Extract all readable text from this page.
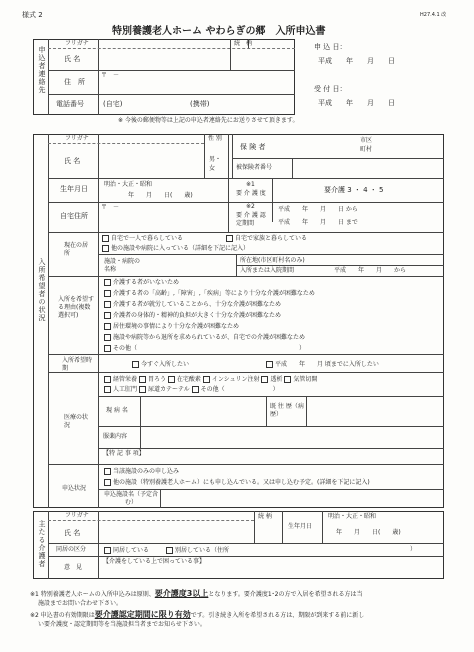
様式 2	H27.4.1 改
特別養護老人ホーム やわらぎの郷　入所申込書
申込者連絡先
フリガナ	続　柄
氏 名
住　所
〒　－
電話番号	(自宅)	(携帯)
申 込 日：
平成　　年　　月　　日
受 付 日：
平成　　年　　月　　日
※ 今後の郵便物等は上記の申込者連絡先にお送りさせて頂きます。
入所希望者の状況
フリガナ	性 別
氏 名	男・女
保 険 者
市区
町村
被保険者番号
生年月日
明治・大正・昭和
年　　月　　日(　　歳)
※1
要 介 護 度	要介護 3 ・ 4 ・ 5
自宅住所
〒　－	※2
要 介 護 認定期間
平成　　年　　月　　日 から
平成　　年　　月　　日 まで
現在の居 所
自宅で一人で暮らしている	自宅で家族と暮らしている
他の施設や病院に入っている（詳細を下記に記入）
施設・病院の名称
所在地(市区町村名のみ)
入所または入院期間	平成　　年　　月　　から
入所を希望する理由(複数選択可)
介護する者がいないため
介護する者の「高齢」,「障害」,「疾病」等により十分な介護が困難なため
介護する者が就労していることから、十分な介護が困難なため
介護者の身体的・精神的負担が大きく十分な介護が困難なため
居住環境の事情により十分な介護が困難なため
施設や病院等から退所を求められているが、自宅での介護が困難なため
その他（　　　　　　　　　　　　　　　　　　　　　　　　　　　）
入所希望時 期
今すぐ入所したい	平成　　年　　月 頃までに入所したい
医療の状 況
経管栄養 胃ろう 在宅酸素 インシュリン注射 透析 気管切開
人工肛門 尿道カテーテル その他（　　　　　　　　）
現 病 名
既 往 歴（病 歴）
服薬内容
【特 記 事 項】
申込状況
当該施設のみの申し込み
他の施設（特別養護老人ホーム）にも申し込んでいる。又は申し込む予定。(詳細を下記に記入)
申込施設名（予定含む）
主たる介護者
フリガナ	続 柄
生年月日
氏 名
明治・大正・昭和
年　　月　　日(　　歳)
同居の区分	同居している	別居している（住所	）
意　見
【介護をしている上で困っている事】
※1 特別養護老人ホームの入所申込みは原則、要介護度3以上となります。要介護度1･2の方で入居を希望される方は当
施設までお問い合わせ下さい。
※2 申込書の有効期限は要介護認定期間に限り有効です。引き続き入所を希望される方は、期限が到来する前に新し
い要介護度・認定期間等を当施設担当者までお知らせ下さい。
